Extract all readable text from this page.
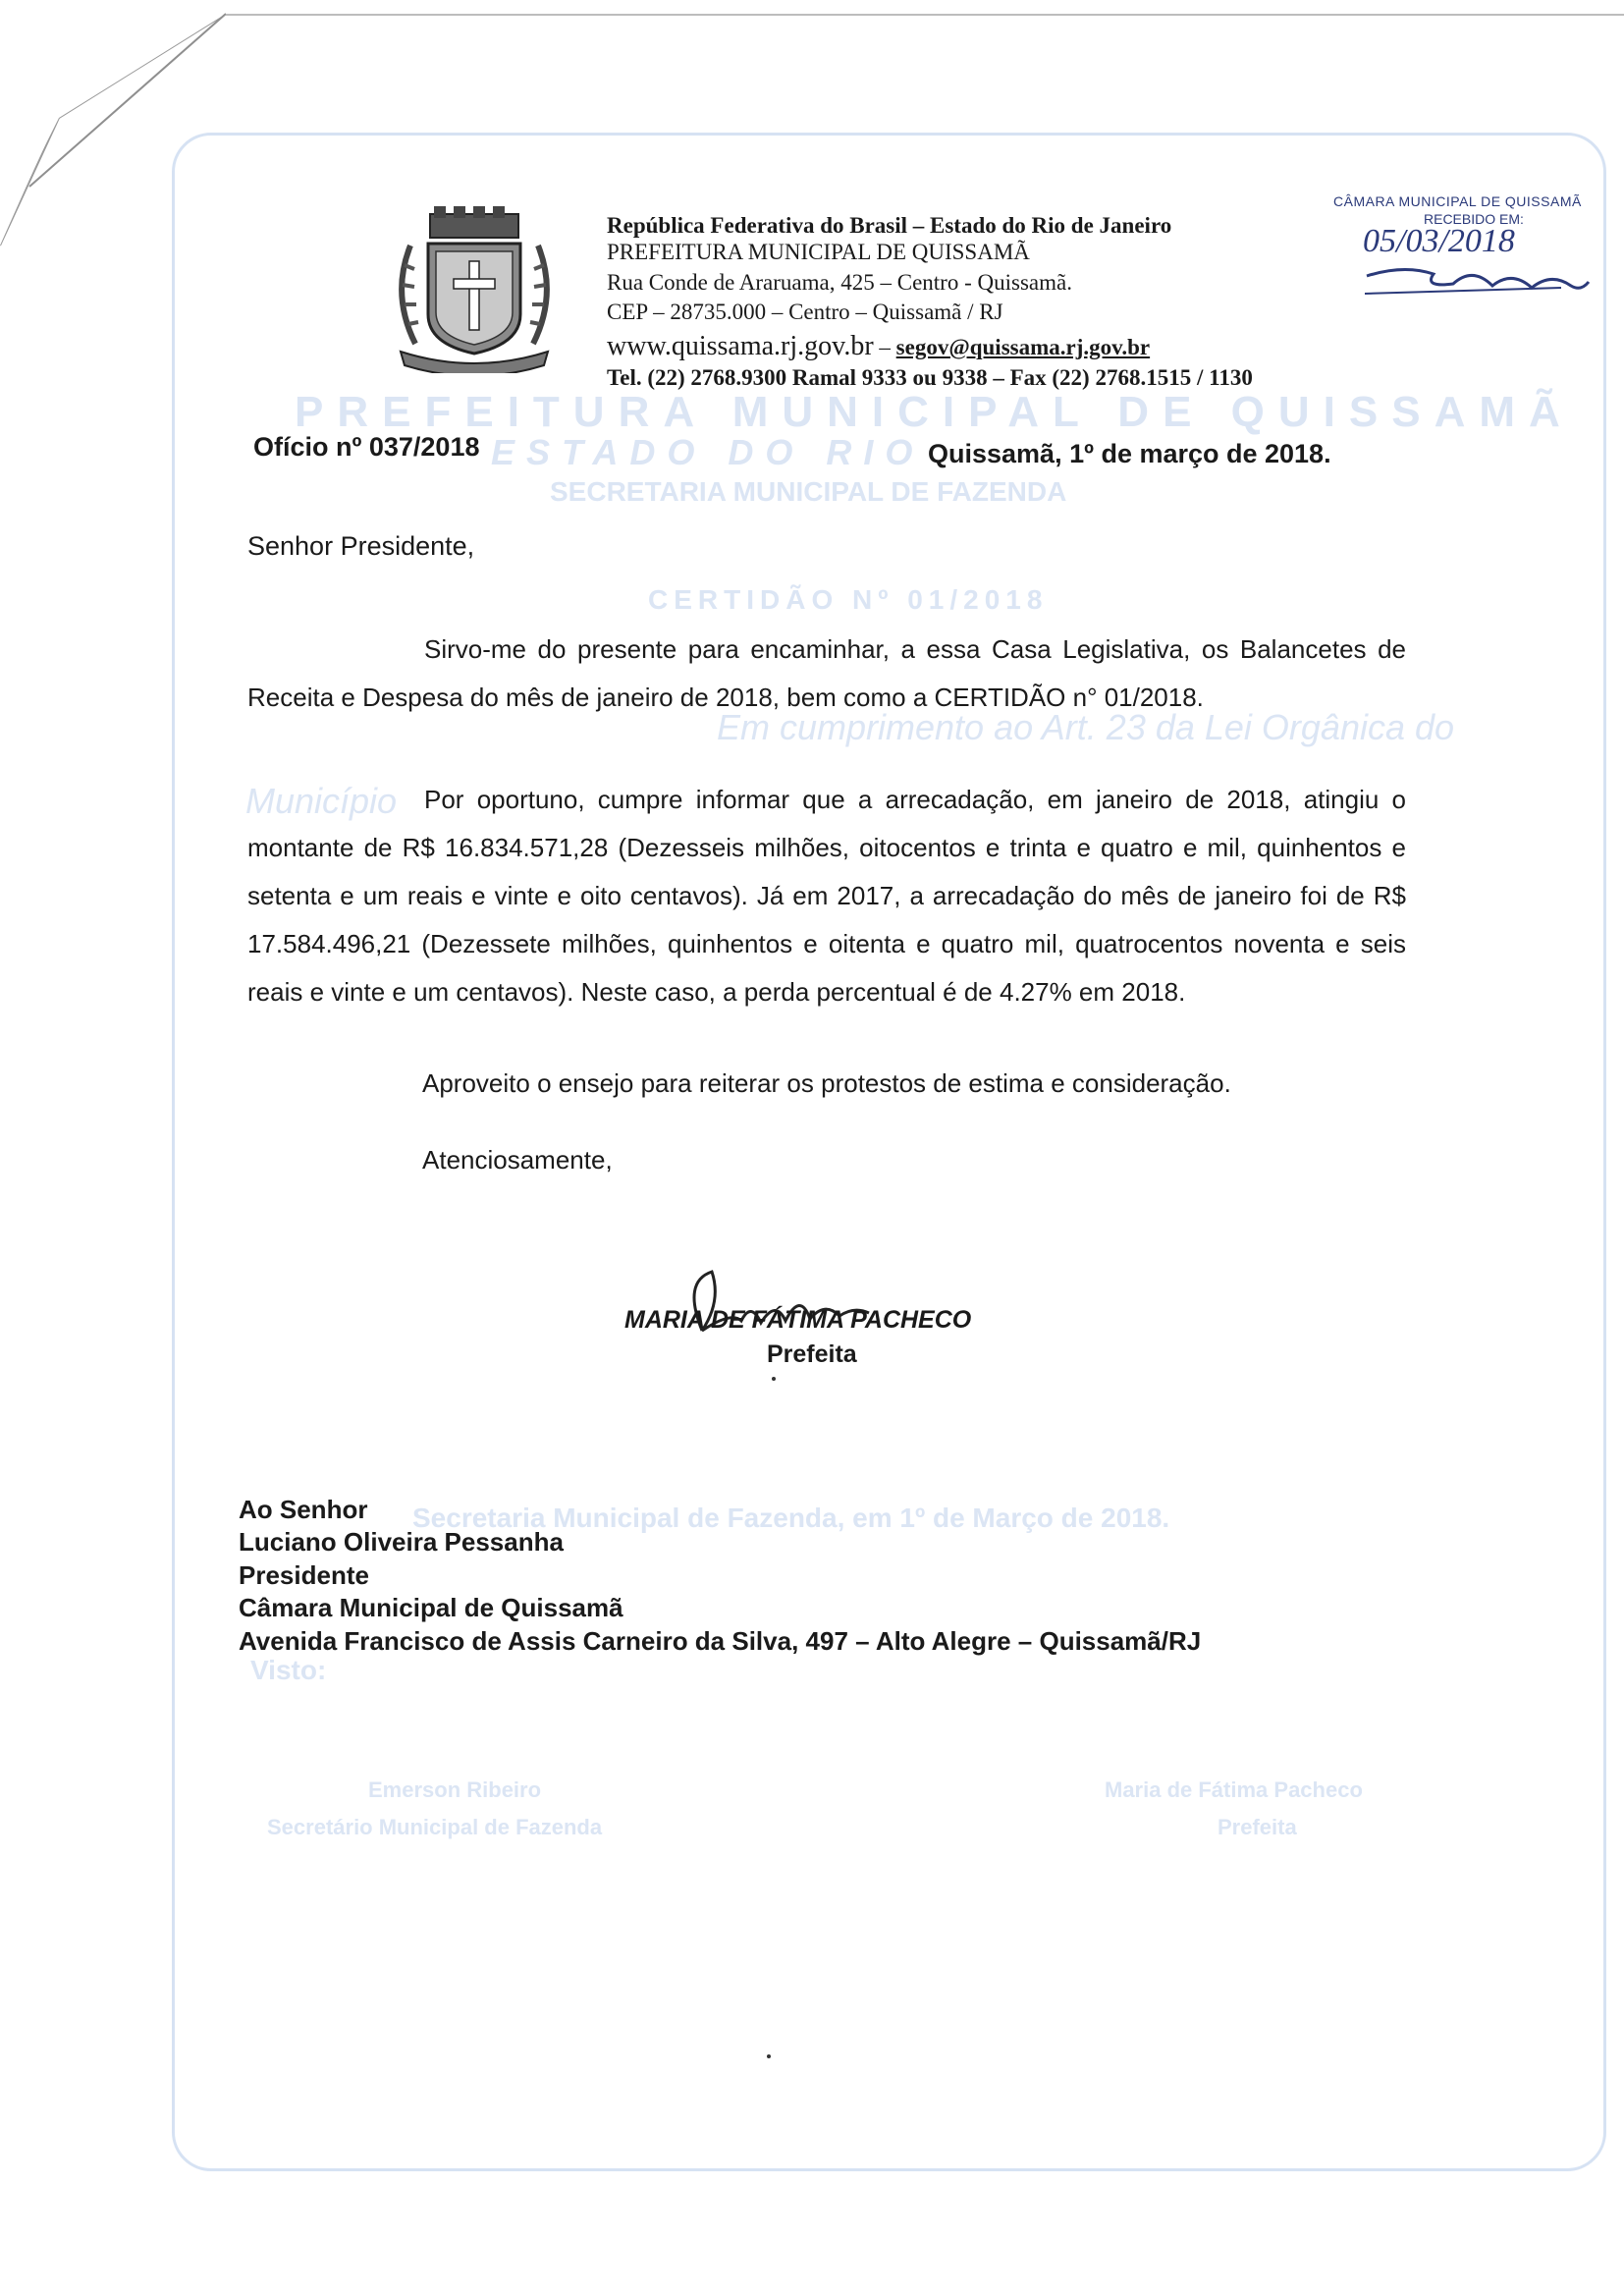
PREFEITURA MUNICIPAL DE QUISSAMÃ
ESTADO DO RIO
SECRETARIA MUNICIPAL DE FAZENDA
CERTIDÃO Nº 01/2018
Em cumprimento ao Art. 23 da Lei Orgânica do
Município
Secretaria Municipal de Fazenda, em 1º de Março de 2018.
Visto:
Emerson Ribeiro
Secretário Municipal de Fazenda
Maria de Fátima Pacheco
Prefeita
República Federativa do Brasil – Estado do Rio de Janeiro
PREFEITURA MUNICIPAL DE QUISSAMÃ
Rua Conde de Araruama, 425 – Centro - Quissamã.
CEP – 28735.000 – Centro – Quissamã / RJ
www.quissama.rj.gov.br – segov@quissama.rj.gov.br
Tel. (22) 2768.9300 Ramal 9333 ou 9338 – Fax (22) 2768.1515 / 1130
CÂMARA MUNICIPAL DE QUISSAMÃ
RECEBIDO EM:
05/03/2018
Ofício nº 037/2018	Quissamã, 1º de março de 2018.
Senhor Presidente,

Sirvo-me do presente para encaminhar, a essa Casa Legislativa, os Balancetes de Receita e Despesa do mês de janeiro de 2018, bem como a CERTIDÃO n° 01/2018.

Por oportuno, cumpre informar que a arrecadação, em janeiro de 2018, atingiu o montante de R$ 16.834.571,28 (Dezesseis milhões, oitocentos e trinta e quatro e mil, quinhentos e setenta e um reais e vinte e oito centavos). Já em 2017, a arrecadação do mês de janeiro foi de R$ 17.584.496,21 (Dezessete milhões, quinhentos e oitenta e quatro mil, quatrocentos noventa e seis reais e vinte e um centavos). Neste caso, a perda percentual é de 4.27% em 2018.

Aproveito o ensejo para reiterar os protestos de estima e consideração.
Atenciosamente,
MARIA DE FÁTIMA PACHECO
Prefeita
Ao Senhor
Luciano Oliveira Pessanha
Presidente
Câmara Municipal de Quissamã
Avenida Francisco de Assis Carneiro da Silva, 497 – Alto Alegre – Quissamã/RJ
